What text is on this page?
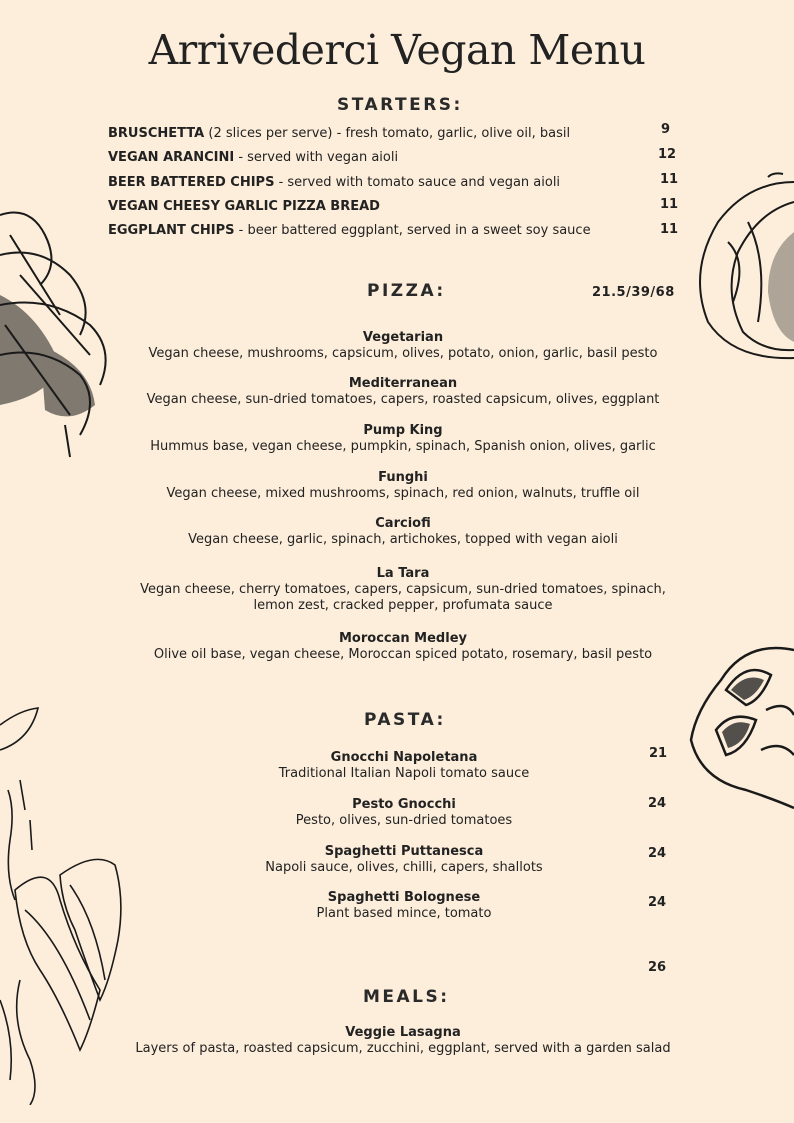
Arrivederci Vegan Menu
STARTERS:
BRUSCHETTA (2 slices per serve) - fresh tomato, garlic, olive oil, basil	9
VEGAN ARANCINI - served with vegan aioli	12
BEER BATTERED CHIPS - served with tomato sauce and vegan aioli	11
VEGAN CHEESY GARLIC PIZZA BREAD	11
EGGPLANT CHIPS - beer battered eggplant, served in a sweet soy sauce	11
PIZZA:	21.5/39/68
Vegetarian
Vegan cheese, mushrooms, capsicum, olives, potato, onion, garlic, basil pesto
Mediterranean
Vegan cheese, sun-dried tomatoes, capers, roasted capsicum, olives, eggplant
Pump King
Hummus base, vegan cheese, pumpkin, spinach, Spanish onion, olives, garlic
Funghi
Vegan cheese, mixed mushrooms, spinach, red onion, walnuts, truffle oil
Carciofi
Vegan cheese, garlic, spinach, artichokes, topped with vegan aioli
La Tara
Vegan cheese, cherry tomatoes, capers, capsicum, sun-dried tomatoes, spinach,
lemon zest, cracked pepper, profumata sauce
Moroccan Medley
Olive oil base, vegan cheese, Moroccan spiced potato, rosemary, basil pesto
PASTA:
Gnocchi Napoletana
Traditional Italian Napoli tomato sauce
21
Pesto Gnocchi
Pesto, olives, sun-dried tomatoes
24
Spaghetti Puttanesca
Napoli sauce, olives, chilli, capers, shallots
24
Spaghetti Bolognese
Plant based mince, tomato
24
26
MEALS:
Veggie Lasagna
Layers of pasta, roasted capsicum, zucchini, eggplant, served with a garden salad
